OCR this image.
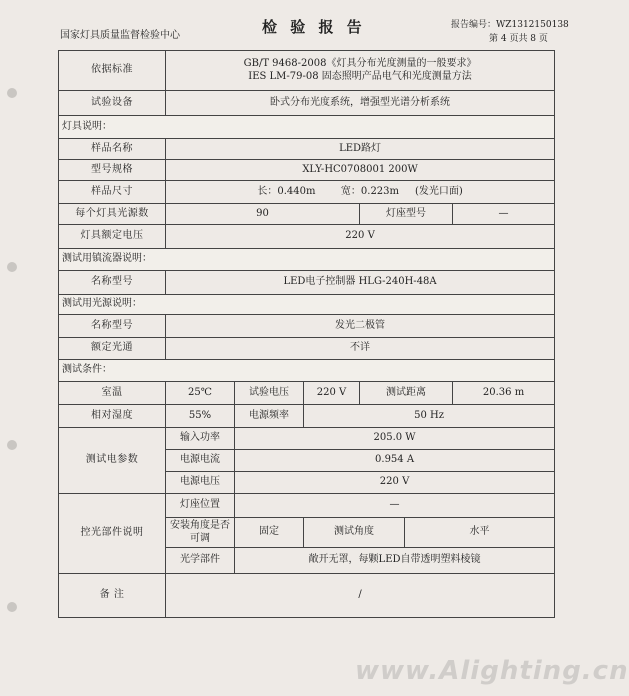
国家灯具质量监督检验中心	检 验 报 告	报告编号：WZ1312150138
第 4 页共 8 页
依据标准	GB/T 9468-2008《灯具分布光度测量的一般要求》
IES LM-79-08 固态照明产品电气和光度测量方法					

试验设备	卧式分布光度系统，增强型光谱分析系统					
灯具说明：						
样品名称	LED路灯					
型号规格	XLY-HC0708001 200W					
样品尺寸	长：0.440m 宽：0.223m (发光口面)					
每个灯具光源数	90			灯座型号		—
灯具额定电压	220 V					
测试用镇流器说明：						
名称型号	LED电子控制器 HLG-240H-48A					
测试用光源说明：						
名称型号	发光二极管					
额定光通	不详					
测试条件：						
室温	25℃	试验电压	220 V	测试距离		20.36 m
相对湿度	55%	电源频率	50 Hz			
测试电参数	输入功率	205.0 W				
	电源电流	0.954 A				
	电源电压	220 V				
控光部件说明	灯座位置	—				
	安装角度是否可调	固定	测试角度		水平	
	光学部件	敞开无罩，每颗LED自带透明塑料棱镜				
备 注	/					
www.Alighting.cn
